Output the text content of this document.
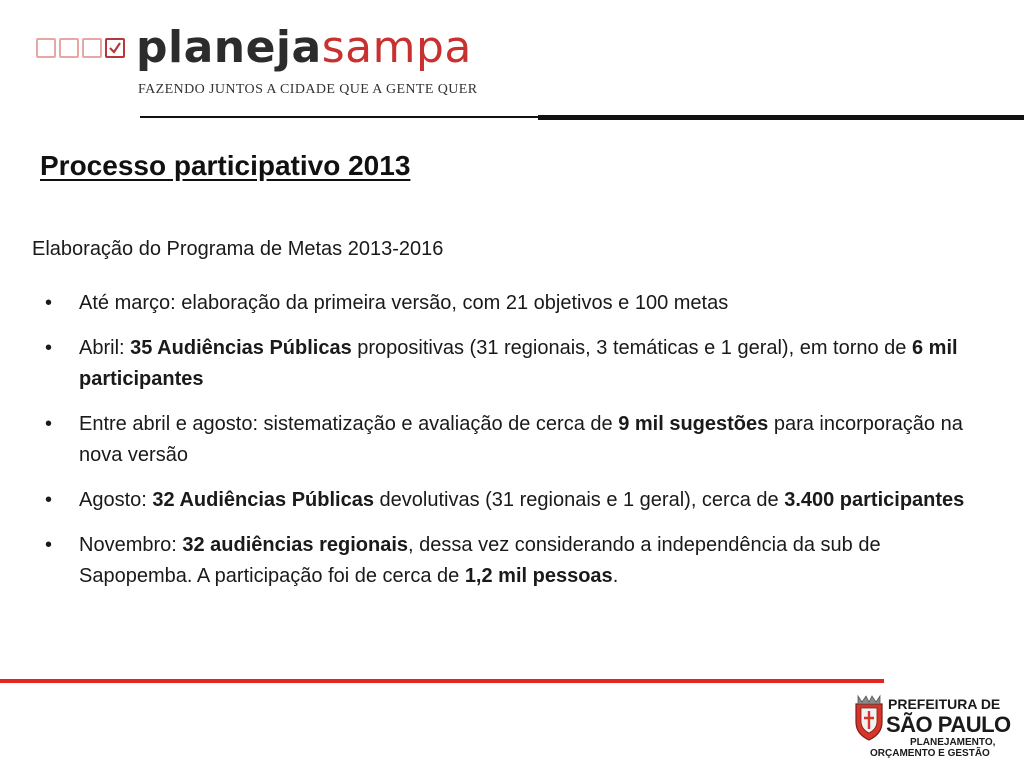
planejasampa
FAZENDO JUNTOS A CIDADE QUE A GENTE QUER
Processo participativo 2013
Elaboração do Programa de Metas 2013-2016
• Até março: elaboração da primeira versão, com 21 objetivos e 100 metas
• Abril: 35 Audiências Públicas propositivas (31 regionais, 3 temáticas e 1 geral), em torno de 6 mil participantes
• Entre abril e agosto: sistematização e avaliação de cerca de 9 mil sugestões para incorporação na nova versão
• Agosto: 32 Audiências Públicas devolutivas (31 regionais e 1 geral), cerca de 3.400 participantes
• Novembro: 32 audiências regionais, dessa vez considerando a independência da sub de Sapopemba. A participação foi de cerca de 1,2 mil pessoas.
PREFEITURA DE
SÃO PAULO
PLANEJAMENTO,
ORÇAMENTO E GESTÃO
